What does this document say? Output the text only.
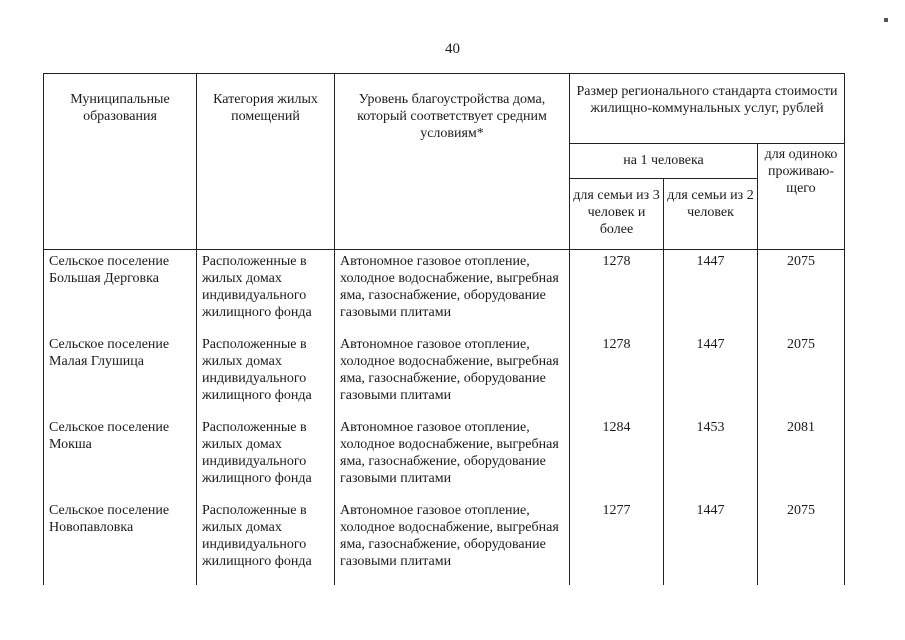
40
Муниципальные образования	Категория жилых помещений	Уровень благоустройства дома, который соответствует средним условиям*	Размер регионального стандарта стоимости жилищно-коммунальных услуг, рублей		
			на 1 человека		для одиноко проживаю-щего
			для семьи из 3 человек и более	для семьи из 2 человек	
Сельское поселение Большая Дерговка	Расположенные в жилых домах индивидуального жилищного фонда	Автономное газовое отопление, холодное водоснабжение, выгребная яма, газоснабжение, оборудование газовыми плитами	1278	1447	2075
Сельское поселение Малая Глушица	Расположенные в жилых домах индивидуального жилищного фонда	Автономное газовое отопление, холодное водоснабжение, выгребная яма, газоснабжение, оборудование газовыми плитами	1278	1447	2075
Сельское поселение Мокша	Расположенные в жилых домах индивидуального жилищного фонда	Автономное газовое отопление, холодное водоснабжение, выгребная яма, газоснабжение, оборудование газовыми плитами	1284	1453	2081
Сельское поселение Новопавловка	Расположенные в жилых домах индивидуального жилищного фонда	Автономное газовое отопление, холодное водоснабжение, выгребная яма, газоснабжение, оборудование газовыми плитами	1277	1447	2075
